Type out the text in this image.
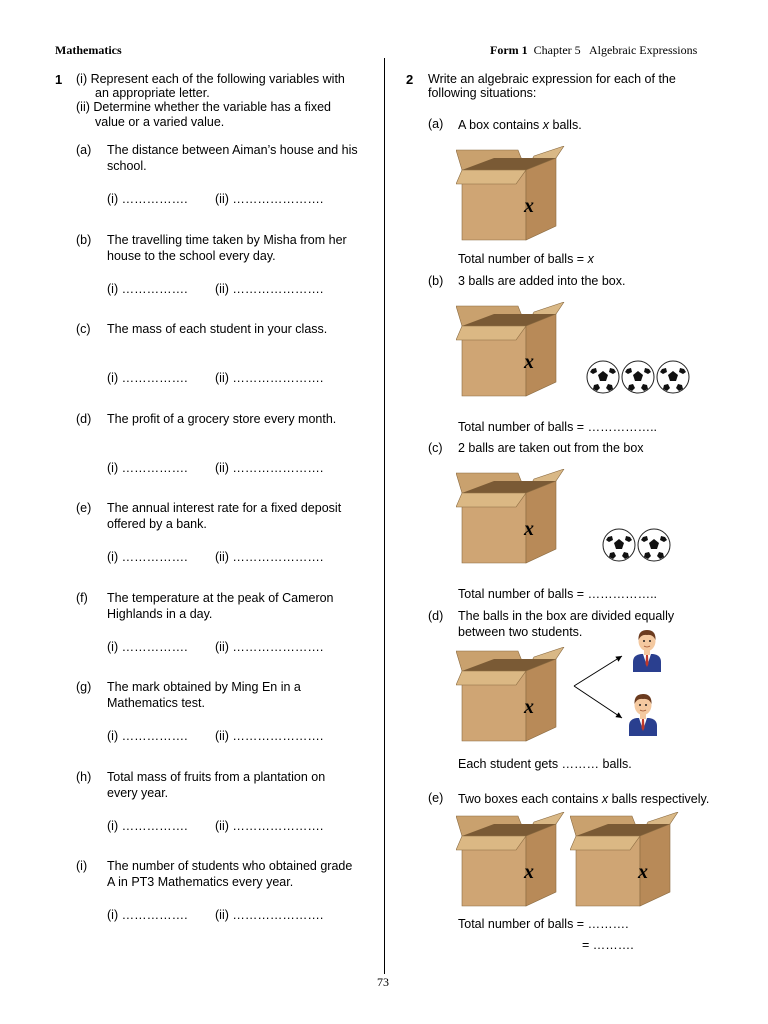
Mathematics	Form 1 Chapter 5 Algebraic Expressions
1 (i) Represent each of the following variables with
an appropriate letter.
(ii) Determine whether the variable has a fixed
value or a varied value.
(a) The distance between Aiman’s house and his
school.
(i) ……………. (ii) ………………….
(b) The travelling time taken by Misha from her
house to the school every day.
(i) ……………. (ii) ………………….
(c) The mass of each student in your class.
(i) ……………. (ii) ………………….
(d) The profit of a grocery store every month.
(i) ……………. (ii) ………………….
(e) The annual interest rate for a fixed deposit
offered by a bank.
(i) ……………. (ii) ………………….
(f) The temperature at the peak of Cameron
Highlands in a day.
(i) ……………. (ii) ………………….
(g) The mark obtained by Ming En in a
Mathematics test.
(i) ……………. (ii) ………………….
(h) Total mass of fruits from a plantation on
every year.
(i) ……………. (ii) ………………….
(i) The number of students who obtained grade
A in PT3 Mathematics every year.
(i) ……………. (ii) ………………….
2 Write an algebraic expression for each of the
following situations:
(a) A box contains x balls.
x
Total number of balls = x
(b) 3 balls are added into the box.
x
Total number of balls = ……………..
(c) 2 balls are taken out from the box
x
Total number of balls = ……………..
(d) The balls in the box are divided equally
between two students.
x
Each student gets ……… balls.
(e) Two boxes each contains x balls respectively.
x	x
Total number of balls = ……….
= ……….
73
